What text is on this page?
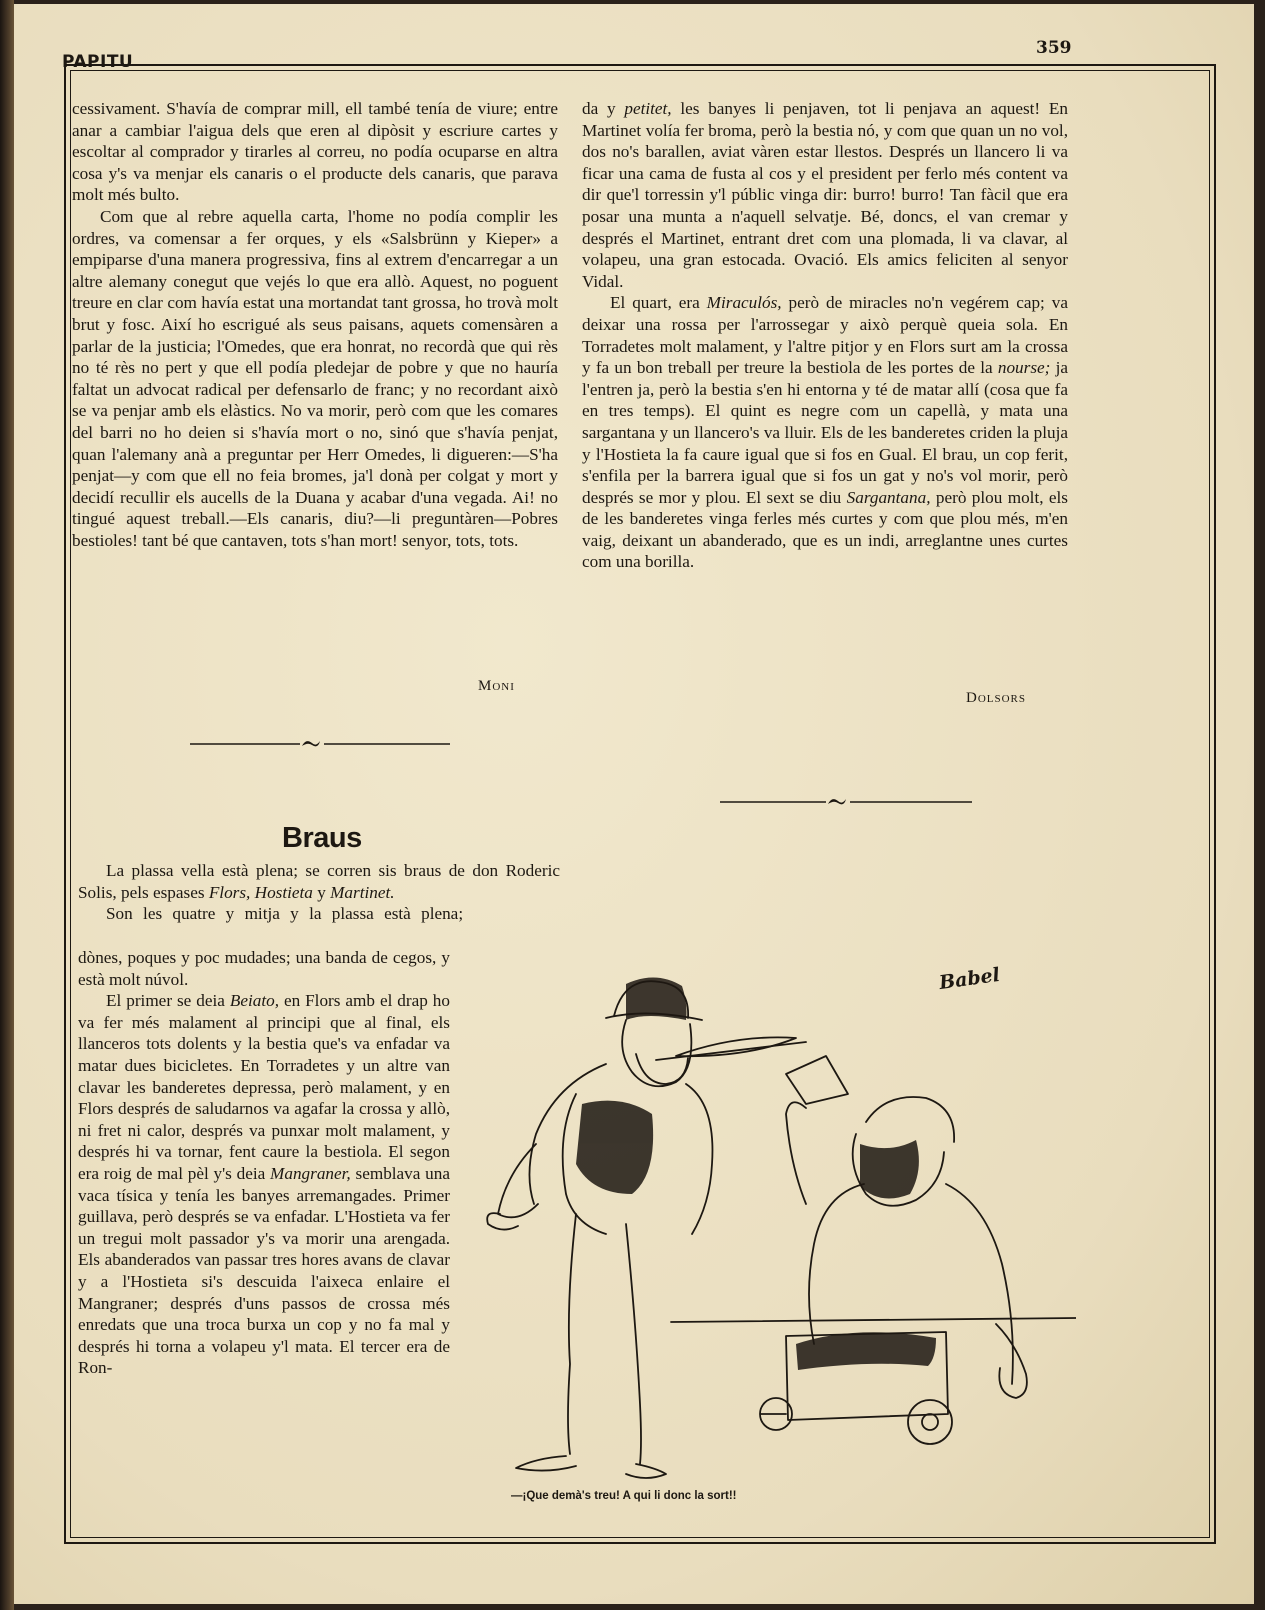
PAPITU
359

cessivament. S'havía de comprar mill, ell també tenía de viure; entre anar a cambiar l'aigua dels que eren al dipòsit y escriure cartes y escoltar al comprador y tirarles al correu, no podía ocuparse en altra cosa y's va menjar els canaris o el producte dels canaris, que parava molt més bulto.

Com que al rebre aquella carta, l'home no podía complir les ordres, va comensar a fer orques, y els «Salsbrünn y Kieper» a empiparse d'una manera progressiva, fins al extrem d'encarregar a un altre alemany conegut que vejés lo que era allò. Aquest, no poguent treure en clar com havía estat una mortandat tant grossa, ho trovà molt brut y fosc. Així ho escrigué als seus paisans, aquets comensàren a parlar de la justicia; l'Omedes, que era honrat, no recordà que qui rès no té rès no pert y que ell podía pledejar de pobre y que no hauría faltat un advocat radical per defensarlo de franc; y no recordant això se va penjar amb els elàstics. No va morir, però com que les comares del barri no ho deien si s'havía mort o no, sinó que s'havía penjat, quan l'alemany anà a preguntar per Herr Omedes, li digueren:—S'ha penjat—y com que ell no feia bromes, ja'l donà per colgat y mort y decidí recullir els aucells de la Duana y acabar d'una vegada. Ai! no tingué aquest treball.—Els canaris, diu?—li preguntàren—Pobres bestioles! tant bé que cantaven, tots s'han mort! senyor, tots, tots.

Moni

da y petitet, les banyes li penjaven, tot li penjava an aquest! En Martinet volía fer broma, però la bestia nó, y com que quan un no vol, dos no's barallen, aviat vàren estar llestos. Després un llancero li va ficar una cama de fusta al cos y el president per ferlo més content va dir que'l torressin y'l públic vinga dir: burro! burro! Tan fàcil que era posar una munta a n'aquell selvatje. Bé, doncs, el van cremar y després el Martinet, entrant dret com una plomada, li va clavar, al volapeu, una gran estocada. Ovació. Els amics feliciten al senyor Vidal.

El quart, era Miraculós, però de miracles no'n vegérem cap; va deixar una rossa per l'arrossegar y això perquè queia sola. En Torradetes molt malament, y l'altre pitjor y en Flors surt am la crossa y fa un bon treball per treure la bestiola de les portes de la nourse; ja l'entren ja, però la bestia s'en hi entorna y té de matar allí (cosa que fa en tres temps). El quint es negre com un capellà, y mata una sargantana y un llancero's va lluir. Els de les banderetes criden la pluja y l'Hostieta la fa caure igual que si fos en Gual. El brau, un cop ferit, s'enfila per la barrera igual que si fos un gat y no's vol morir, però després se mor y plou. El sext se diu Sargantana, però plou molt, els de les banderetes vinga ferles més curtes y com que plou més, m'en vaig, deixant un abanderado, que es un indi, arreglantne unes curtes com una borilla.

Dolsors
Braus

La plassa vella està plena; se corren sis braus de don Roderic Solis, pels espases Flors, Hostieta y Martinet.

Son les quatre y mitja y la plassa està plena;

dònes, poques y poc mudades; una banda de cegos, y està molt núvol.

El primer se deia Beiato, en Flors amb el drap ho va fer més malament al principi que al final, els llanceros tots dolents y la bestia que's va enfadar va matar dues bicicletes. En Torradetes y un altre van clavar les banderetes depressa, però malament, y en Flors després de saludarnos va agafar la crossa y allò, ni fret ni calor, després va punxar molt malament, y després hi va tornar, fent caure la bestiola. El segon era roig de mal pèl y's deia Mangraner, semblava una vaca tísica y tenía les banyes arremangades. Primer guillava, però després se va enfadar. L'Hostieta va fer un tregui molt passador y's va morir una arengada. Els abanderados van passar tres hores avans de clavar y a l'Hostieta si's descuida l'aixeca enlaire el Mangraner; després d'uns passos de crossa més enredats que una troca burxa un cop y no fa mal y després hi torna a volapeu y'l mata. El tercer era de Ron-

Babel
—¡Que demà's treu! A qui li donc la sort!!
